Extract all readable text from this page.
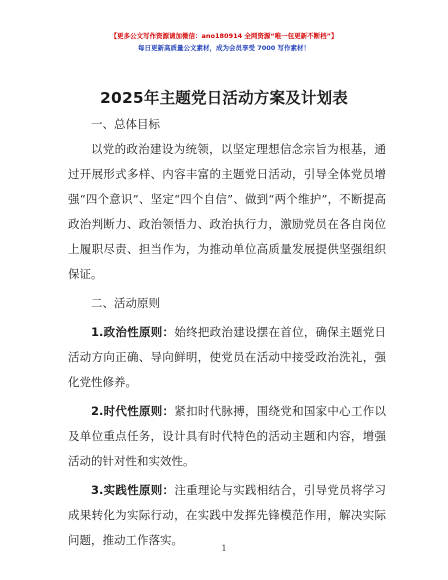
【更多公文写作资源请加微信：ano180914 全网资源“唯一包更新不断档”】
每日更新高质量公文素材，成为会员享受 7000 写作素材！
2025年主题党日活动方案及计划表

一、总体目标

以党的政治建设为统领，以坚定理想信念宗旨为根基，通过开展形式多样、内容丰富的主题党日活动，引导全体党员增强“四个意识”、坚定“四个自信”、做到“两个维护”，不断提高政治判断力、政治领悟力、政治执行力，激励党员在各自岗位上履职尽责、担当作为，为推动单位高质量发展提供坚强组织保证。

二、活动原则

1.政治性原则：始终把政治建设摆在首位，确保主题党日活动方向正确、导向鲜明，使党员在活动中接受政治洗礼，强化党性修养。

2.时代性原则：紧扣时代脉搏，围绕党和国家中心工作以及单位重点任务，设计具有时代特色的活动主题和内容，增强活动的针对性和实效性。

3.实践性原则：注重理论与实践相结合，引导党员将学习成果转化为实际行动，在实践中发挥先锋模范作用，解决实际问题，推动工作落实。

1
